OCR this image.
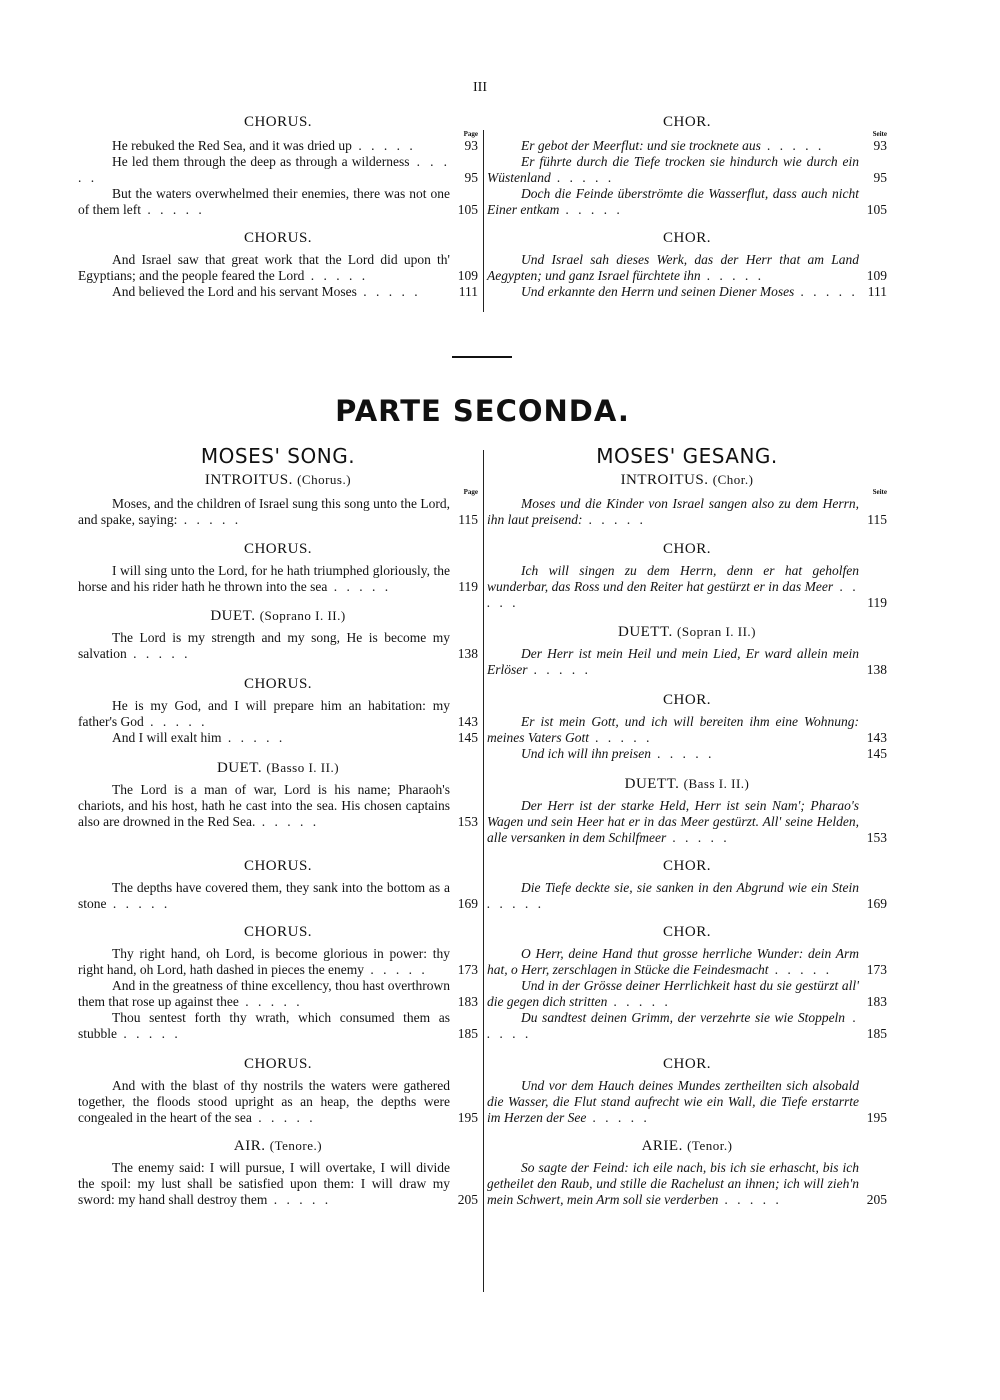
III
CHORUS.
Page
He rebuked the Red Sea, and it was dried up . . . . .	93
He led them through the deep as through a wilderness . . . . .	95
But the waters overwhelmed their enemies, there was not one of them left . . . . .	105
CHORUS.
And Israel saw that great work that the Lord did upon th' Egyptians; and the people feared the Lord . . . . .	109
And believed the Lord and his servant Moses . . . . .	111
CHOR.
Seite
Er gebot der Meerflut: und sie trocknete aus . . . . .	93
Er führte durch die Tiefe trocken sie hindurch wie durch ein Wüstenland . . . . .	95
Doch die Feinde überströmte die Wasserflut, dass auch nicht Einer entkam . . . . .	105
CHOR.
Und Israel sah dieses Werk, das der Herr that am Land Aegypten; und ganz Israel fürchtete ihn . . . . .	109
Und erkannte den Herrn und seinen Diener Moses . . . . . 111
PARTE SECONDA.
MOSES' SONG.
INTROITUS. (Chorus.)
Page
Moses, and the children of Israel sung this song unto the Lord, and spake, saying: . . . . .	115
CHORUS.
I will sing unto the Lord, for he hath triumphed gloriously, the horse and his rider hath he thrown into the sea . . . . .	119
DUET. (Soprano I. II.)
The Lord is my strength and my song, He is become my salvation . . . . .	138
CHORUS.
He is my God, and I will prepare him an habitation: my father's God . . . . .	143
And I will exalt him . . . . .	145
DUET. (Basso I. II.)
The Lord is a man of war, Lord is his name; Pharaoh's chariots, and his host, hath he cast into the sea. His chosen captains also are drowned in the Red Sea. . . . . .	153
CHORUS.
The depths have covered them, they sank into the bottom as a stone . . . . .	169
CHORUS.
Thy right hand, oh Lord, is become glorious in power: thy right hand, oh Lord, hath dashed in pieces the enemy . . . . .	173
And in the greatness of thine excellency, thou hast overthrown them that rose up against thee . . . . .	183
Thou sentest forth thy wrath, which consumed them as stubble . . . . .	185
CHORUS.
And with the blast of thy nostrils the waters were gathered together, the floods stood upright as an heap, the depths were congealed in the heart of the sea . . . . .	195
AIR. (Tenore.)
The enemy said: I will pursue, I will overtake, I will divide the spoil: my lust shall be satisfied upon them: I will draw my sword: my hand shall destroy them . . . . .	205
MOSES' GESANG.
INTROITUS. (Chor.)
Seite
Moses und die Kinder von Israel sangen also zu dem Herrn, ihn laut preisend: . . . . .	115
CHOR.
Ich will singen zu dem Herrn, denn er hat geholfen wunderbar, das Ross und den Reiter hat gestürzt er in das Meer . . . . .	119
DUETT. (Sopran I. II.)
Der Herr ist mein Heil und mein Lied, Er ward allein mein Erlöser . . . . .	138
CHOR.
Er ist mein Gott, und ich will bereiten ihm eine Wohnung: meines Vaters Gott . . . . .	143
Und ich will ihn preisen . . . . .	145
DUETT. (Bass I. II.)
Der Herr ist der starke Held, Herr ist sein Nam'; Pharao's Wagen und sein Heer hat er in das Meer gestürzt. All' seine Helden, alle versanken in dem Schilfmeer . . . . .	153
CHOR.
Die Tiefe deckte sie, sie sanken in den Abgrund wie ein Stein . . . . .	169
CHOR.
O Herr, deine Hand thut grosse herrliche Wunder: dein Arm hat, o Herr, zerschlagen in Stücke die Feindesmacht . . . . .	173
Und in der Grösse deiner Herrlichkeit hast du sie gestürzt all' die gegen dich stritten . . . . .	183
Du sandtest deinen Grimm, der verzehrte sie wie Stoppeln . . . . .	185
CHOR.
Und vor dem Hauch deines Mundes zertheilten sich alsobald die Wasser, die Flut stand aufrecht wie ein Wall, die Tiefe erstarrte im Herzen der See . . . . .	195
ARIE. (Tenor.)
So sagte der Feind: ich eile nach, bis ich sie erhascht, bis ich getheilet den Raub, und stille die Rachelust an ihnen; ich will zieh'n mein Schwert, mein Arm soll sie verderben . . . . .	205
